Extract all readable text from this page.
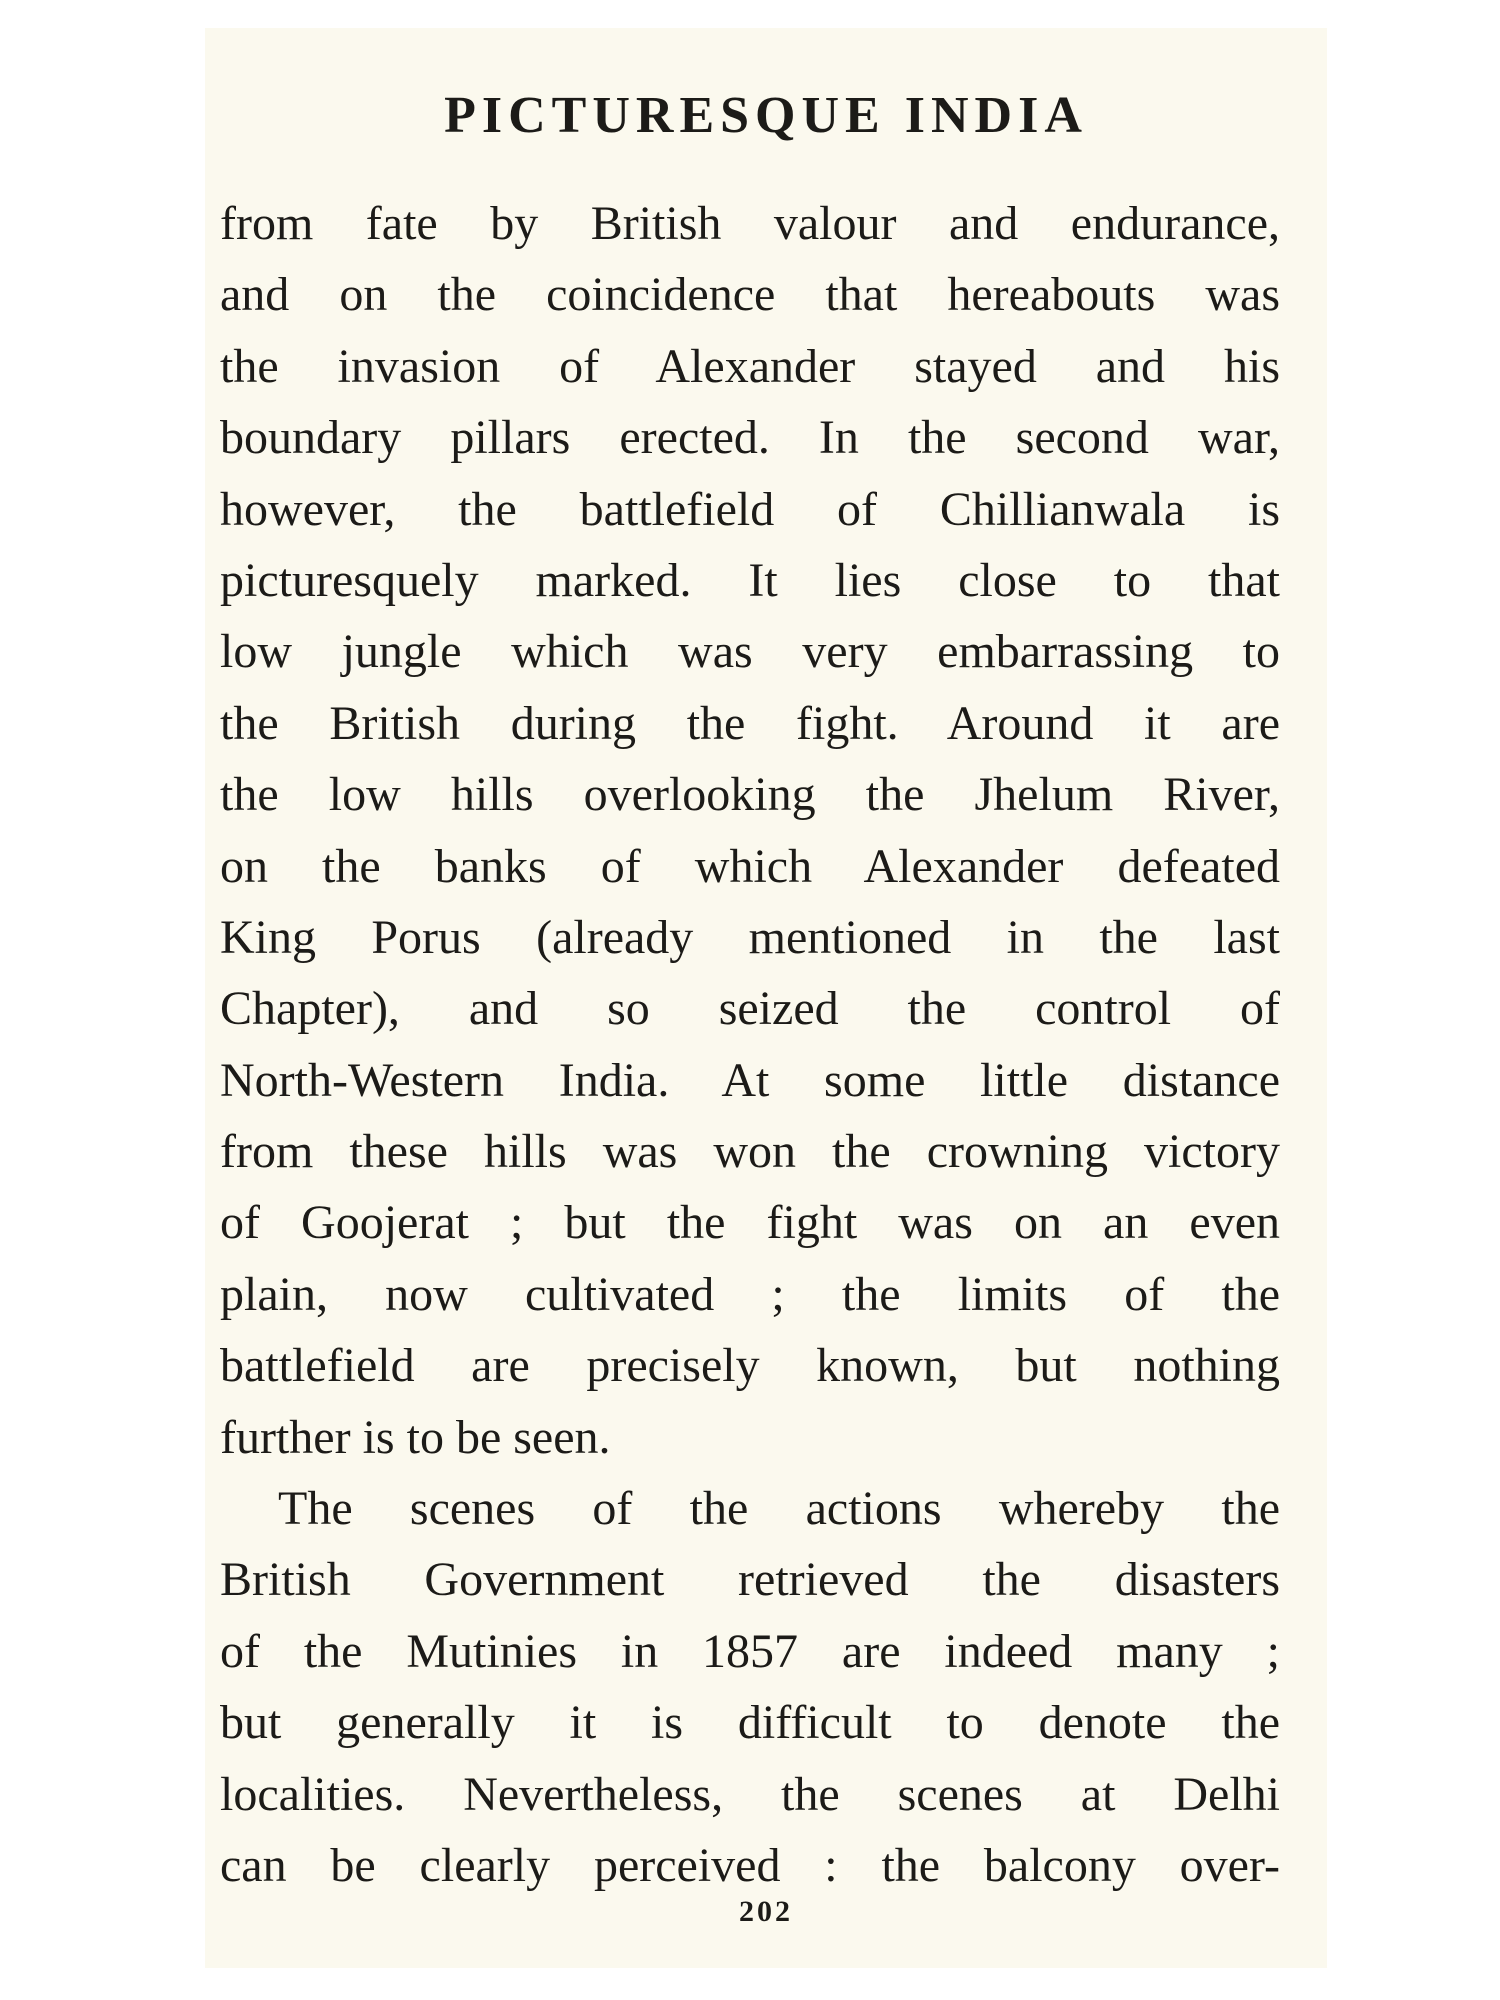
PICTURESQUE INDIA
from fate by British valour and endurance,
and on the coincidence that hereabouts was
the invasion of Alexander stayed and his
boundary pillars erected. In the second war,
however, the battlefield of Chillianwala is
picturesquely marked. It lies close to that
low jungle which was very embarrassing to
the British during the fight. Around it are
the low hills overlooking the Jhelum River,
on the banks of which Alexander defeated
King Porus (already mentioned in the last
Chapter), and so seized the control of
North-Western India. At some little distance
from these hills was won the crowning victory
of Goojerat ; but the fight was on an even
plain, now cultivated ; the limits of the
battlefield are precisely known, but nothing
further is to be seen.
The scenes of the actions whereby the
British Government retrieved the disasters
of the Mutinies in 1857 are indeed many ;
but generally it is difficult to denote the
localities. Nevertheless, the scenes at Delhi
can be clearly perceived : the balcony over-
202
